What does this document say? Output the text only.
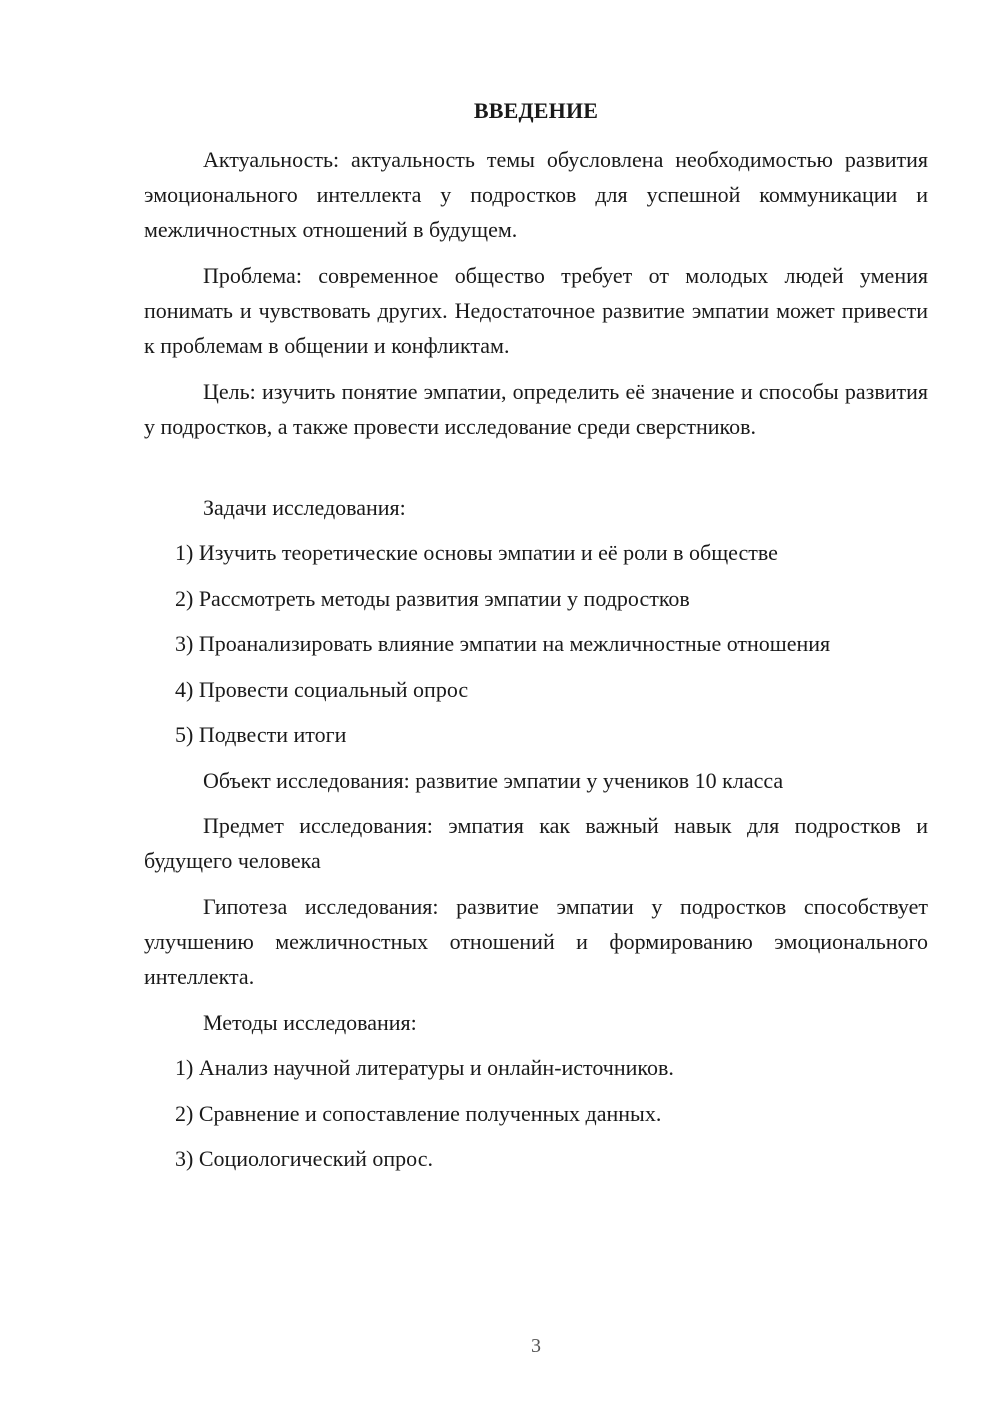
ВВЕДЕНИЕ

Актуальность: актуальность темы обусловлена необходимостью развития эмоционального интеллекта у подростков для успешной коммуникации и межличностных отношений в будущем.

Проблема: современное общество требует от молодых людей умения понимать и чувствовать других. Недостаточное развитие эмпатии может привести к проблемам в общении и конфликтам.

Цель: изучить понятие эмпатии, определить её значение и способы развития у подростков, а также провести исследование среди сверстников.

Задачи исследования:
1) Изучить теоретические основы эмпатии и её роли в обществе
2) Рассмотреть методы развития эмпатии у подростков
3) Проанализировать влияние эмпатии на межличностные отношения
4) Провести социальный опрос
5) Подвести итоги
Объект исследования: развитие эмпатии у учеников 10 класса

Предмет исследования: эмпатия как важный навык для подростков и будущего человека

Гипотеза исследования: развитие эмпатии у подростков способствует улучшению межличностных отношений и формированию эмоционального интеллекта.

Методы исследования:
1) Анализ научной литературы и онлайн-источников.
2) Сравнение и сопоставление полученных данных.
3) Социологический опрос.
3
